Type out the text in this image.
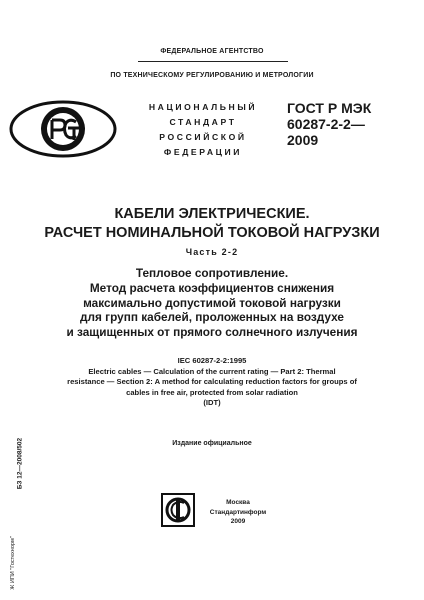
ФЕДЕРАЛЬНОЕ АГЕНТСТВО
ПО ТЕХНИЧЕСКОМУ РЕГУЛИРОВАНИЮ И МЕТРОЛОГИИ
НАЦИОНАЛЬНЫЙ
СТАНДАРТ
РОССИЙСКОЙ
ФЕДЕРАЦИИ
ГОСТ Р МЭК
60287-2-2—
2009
КАБЕЛИ ЭЛЕКТРИЧЕСКИЕ.
РАСЧЕТ НОМИНАЛЬНОЙ ТОКОВОЙ НАГРУЗКИ
Часть 2-2
Тепловое сопротивление.
Метод расчета коэффициентов снижения
максимально допустимой токовой нагрузки
для групп кабелей, проложенных на воздухе
и защищенных от прямого солнечного излучения
IEC 60287-2-2:1995
Electric cables — Calculation of the current rating — Part 2: Thermal
resistance — Section 2: A method for calculating reduction factors for groups of
cables in free air, protected from solar radiation
(IDT)
Издание официальное
БЗ 12—2008/502
Ж ИПИ "Гостехнорм"
Москва
Стандартинформ
2009
